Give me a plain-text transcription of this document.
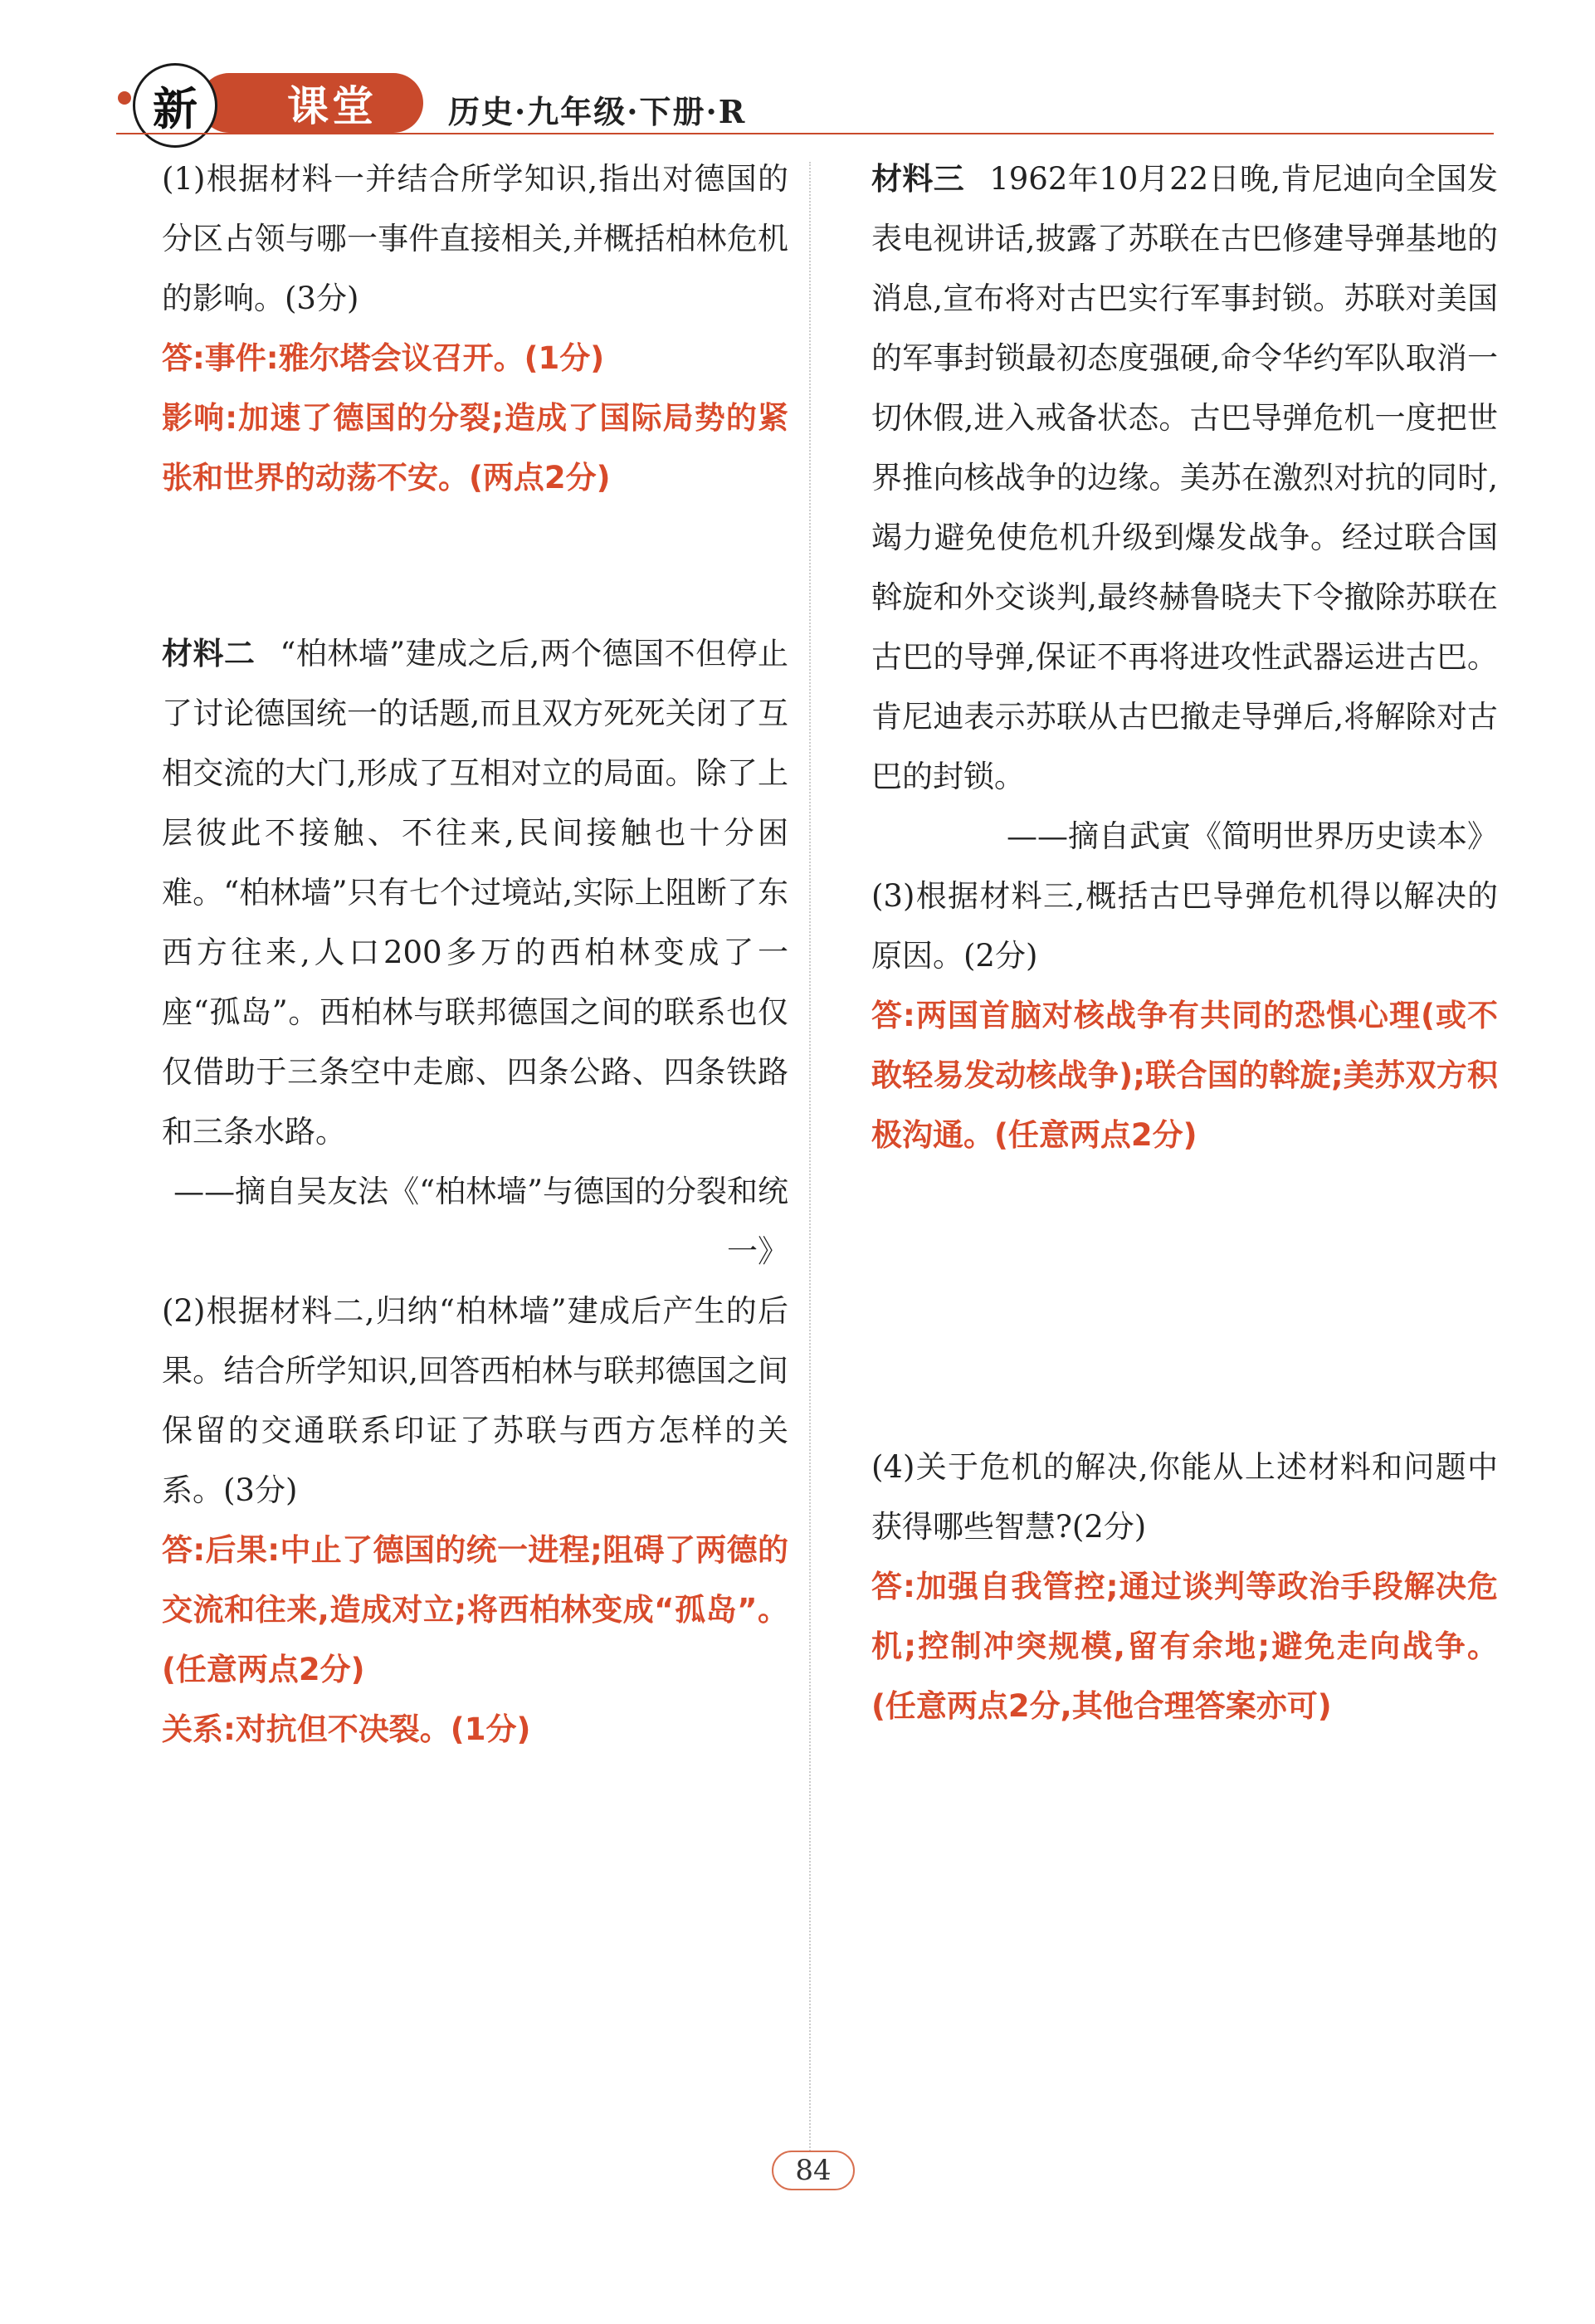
课堂
新	历史·九年级·下册·R

(1)根据材料一并结合所学知识,指出对德国的分区占领与哪一事件直接相关,并概括柏林危机的影响。(3分)

答:事件:雅尔塔会议召开。(1分)

影响:加速了德国的分裂;造成了国际局势的紧张和世界的动荡不安。(两点2分)

材料二 “柏林墙”建成之后,两个德国不但停止了讨论德国统一的话题,而且双方死死关闭了互相交流的大门,形成了互相对立的局面。除了上层彼此不接触、不往来,民间接触也十分困难。“柏林墙”只有七个过境站,实际上阻断了东西方往来,人口200多万的西柏林变成了一座“孤岛”。西柏林与联邦德国之间的联系也仅仅借助于三条空中走廊、四条公路、四条铁路和三条水路。

——摘自吴友法《“柏林墙”与德国的分裂和统一》

(2)根据材料二,归纳“柏林墙”建成后产生的后果。结合所学知识,回答西柏林与联邦德国之间保留的交通联系印证了苏联与西方怎样的关系。(3分)

答:后果:中止了德国的统一进程;阻碍了两德的交流和往来,造成对立;将西柏林变成“孤岛”。(任意两点2分)

关系:对抗但不决裂。(1分)

材料三 1962年10月22日晚,肯尼迪向全国发表电视讲话,披露了苏联在古巴修建导弹基地的消息,宣布将对古巴实行军事封锁。苏联对美国的军事封锁最初态度强硬,命令华约军队取消一切休假,进入戒备状态。古巴导弹危机一度把世界推向核战争的边缘。美苏在激烈对抗的同时,竭力避免使危机升级到爆发战争。经过联合国斡旋和外交谈判,最终赫鲁晓夫下令撤除苏联在古巴的导弹,保证不再将进攻性武器运进古巴。肯尼迪表示苏联从古巴撤走导弹后,将解除对古巴的封锁。

——摘自武寅《简明世界历史读本》

(3)根据材料三,概括古巴导弹危机得以解决的原因。(2分)

答:两国首脑对核战争有共同的恐惧心理(或不敢轻易发动核战争);联合国的斡旋;美苏双方积极沟通。(任意两点2分)

(4)关于危机的解决,你能从上述材料和问题中获得哪些智慧?(2分)

答:加强自我管控;通过谈判等政治手段解决危机;控制冲突规模,留有余地;避免走向战争。(任意两点2分,其他合理答案亦可)

84
